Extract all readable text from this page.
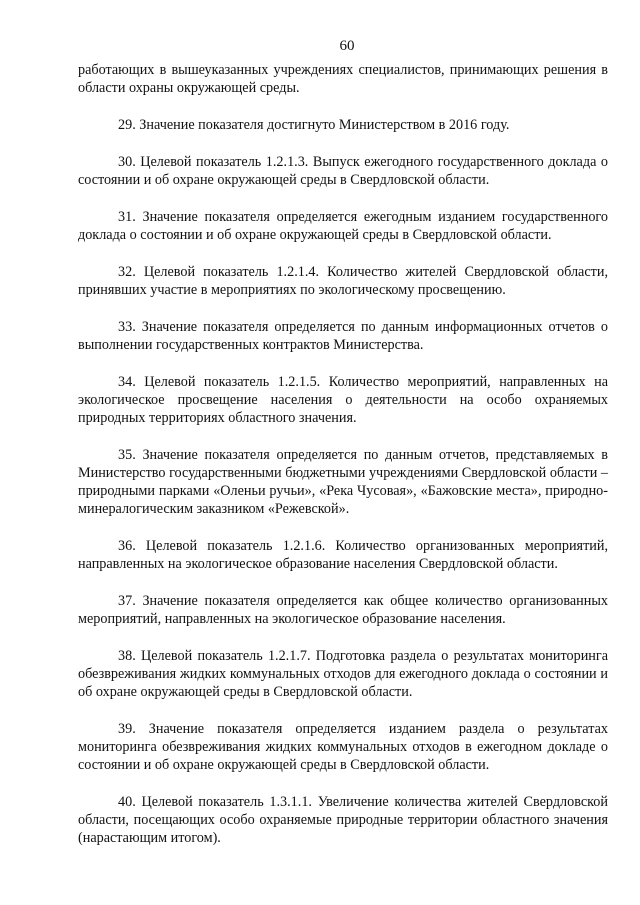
60

работающих в вышеуказанных учреждениях специалистов, принимающих решения в области охраны окружающей среды.

29. Значение показателя достигнуто Министерством в 2016 году.

30. Целевой показатель 1.2.1.3. Выпуск ежегодного государственного доклада о состоянии и об охране окружающей среды в Свердловской области.

31. Значение показателя определяется ежегодным изданием государственного доклада о состоянии и об охране окружающей среды в Свердловской области.

32. Целевой показатель 1.2.1.4. Количество жителей Свердловской области, принявших участие в мероприятиях по экологическому просвещению.

33. Значение показателя определяется по данным информационных отчетов о выполнении государственных контрактов Министерства.

34. Целевой показатель 1.2.1.5. Количество мероприятий, направленных на экологическое просвещение населения о деятельности на особо охраняемых природных территориях областного значения.

35. Значение показателя определяется по данным отчетов, представляемых в Министерство государственными бюджетными учреждениями Свердловской области – природными парками «Оленьи ручьи», «Река Чусовая», «Бажовские места», природно-минералогическим заказником «Режевской».

36. Целевой показатель 1.2.1.6. Количество организованных мероприятий, направленных на экологическое образование населения Свердловской области.

37. Значение показателя определяется как общее количество организованных мероприятий, направленных на экологическое образование населения.

38. Целевой показатель 1.2.1.7. Подготовка раздела о результатах мониторинга обезвреживания жидких коммунальных отходов для ежегодного доклада о состоянии и об охране окружающей среды в Свердловской области.

39. Значение показателя определяется изданием раздела о результатах мониторинга обезвреживания жидких коммунальных отходов в ежегодном докладе о состоянии и об охране окружающей среды в Свердловской области.

40. Целевой показатель 1.3.1.1. Увеличение количества жителей Свердловской области, посещающих особо охраняемые природные территории областного значения (нарастающим итогом).
